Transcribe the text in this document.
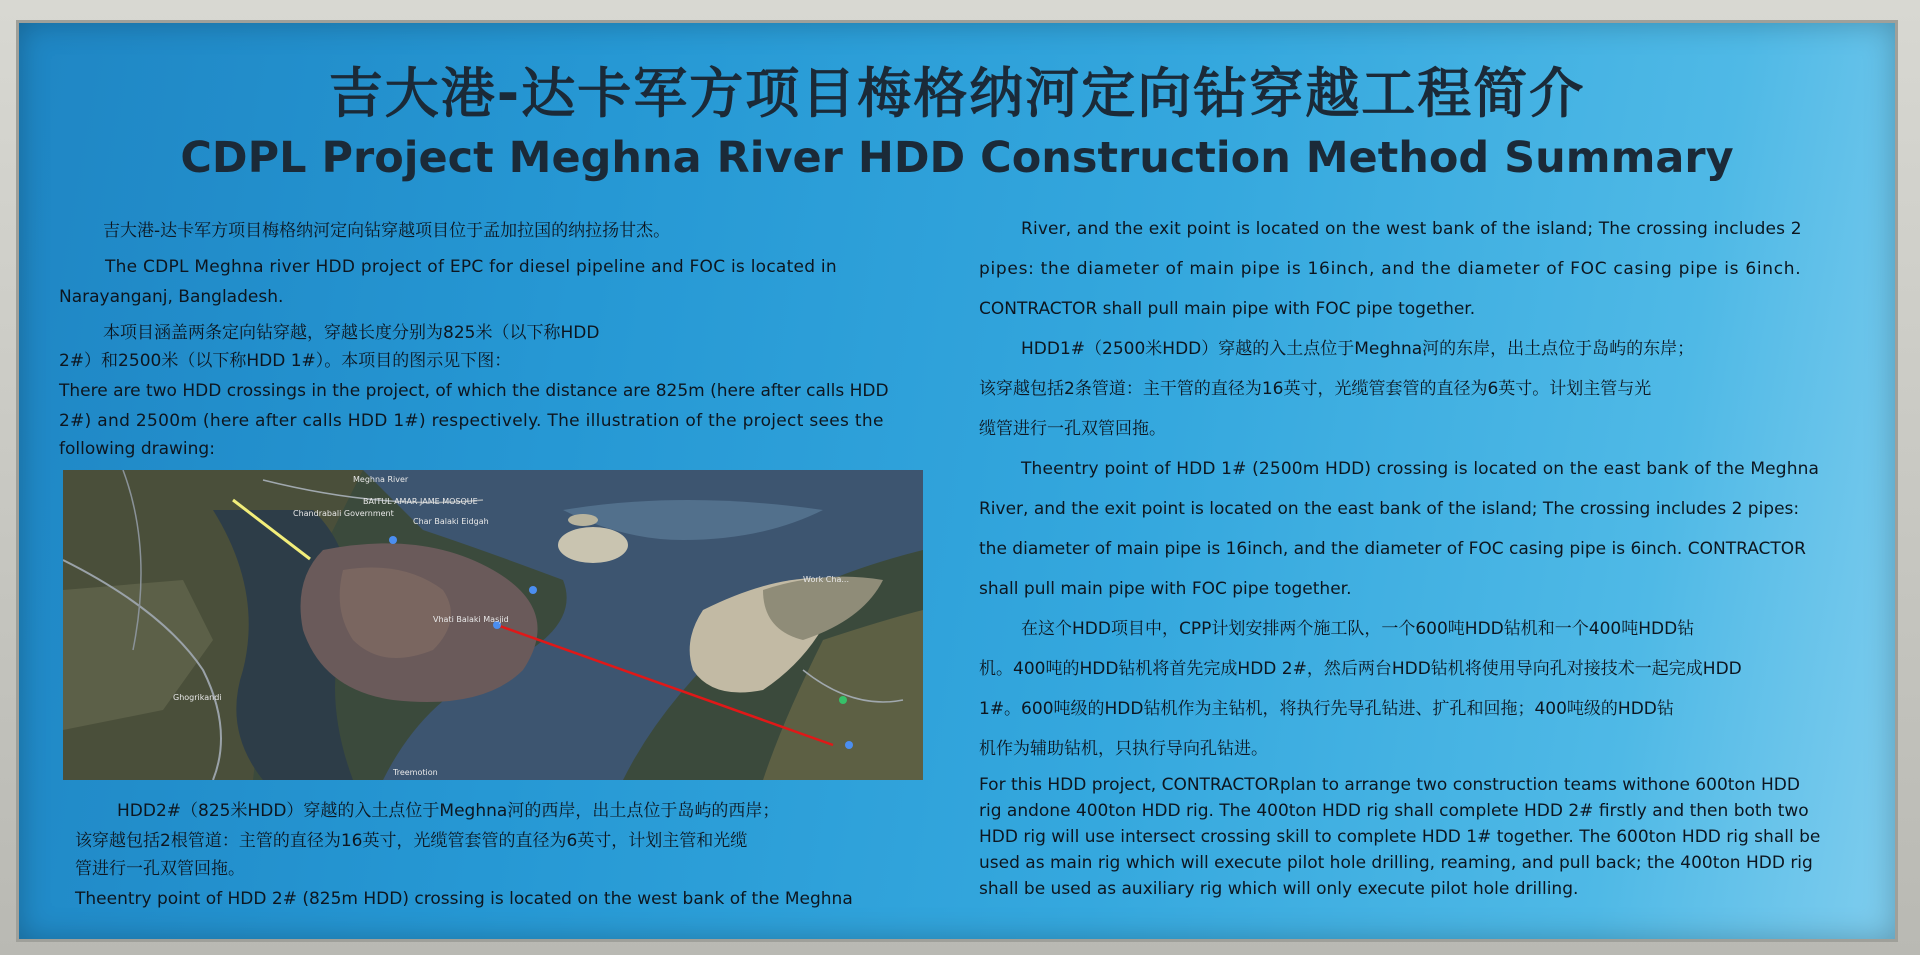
吉大港-达卡军方项目梅格纳河定向钻穿越工程简介
CDPL Project Meghna River HDD Construction Method Summary
吉大港-达卡军方项目梅格纳河定向钻穿越项目位于孟加拉国的纳拉扬甘杰。
The CDPL Meghna river HDD project of EPC for diesel pipeline and FOC is located in
Narayanganj, Bangladesh.
本项目涵盖两条定向钻穿越，穿越长度分别为825米（以下称HDD
2#）和2500米（以下称HDD 1#）。本项目的图示见下图：
There are two HDD crossings in the project, of which the distance are 825m (here after calls HDD
2#) and 2500m (here after calls HDD 1#) respectively. The illustration of the project sees the
following drawing:
Meghna River
Vhati Balaki Masjid
Chandrabali Government
BAITUL AMAR JAME MOSQUE
Char Balaki Eidgah
Work Cha...
Ghogrikandi
Treemotion
HDD2#（825米HDD）穿越的入土点位于Meghna河的西岸，出土点位于岛屿的西岸；
该穿越包括2根管道：主管的直径为16英寸，光缆管套管的直径为6英寸，计划主管和光缆
管进行一孔双管回拖。
Theentry point of HDD 2# (825m HDD) crossing is located on the west bank of the Meghna
River, and the exit point is located on the west bank of the island; The crossing includes 2
pipes: the diameter of main pipe is 16inch, and the diameter of FOC casing pipe is 6inch.
CONTRACTOR shall pull main pipe with FOC pipe together.
HDD1#（2500米HDD）穿越的入土点位于Meghna河的东岸，出土点位于岛屿的东岸；
该穿越包括2条管道：主干管的直径为16英寸，光缆管套管的直径为6英寸。计划主管与光
缆管进行一孔双管回拖。
Theentry point of HDD 1# (2500m HDD) crossing is located on the east bank of the Meghna
River, and the exit point is located on the east bank of the island; The crossing includes 2 pipes:
the diameter of main pipe is 16inch, and the diameter of FOC casing pipe is 6inch. CONTRACTOR
shall pull main pipe with FOC pipe together.
在这个HDD项目中，CPP计划安排两个施工队，一个600吨HDD钻机和一个400吨HDD钻
机。400吨的HDD钻机将首先完成HDD 2#，然后两台HDD钻机将使用导向孔对接技术一起完成HDD
1#。600吨级的HDD钻机作为主钻机，将执行先导孔钻进、扩孔和回拖；400吨级的HDD钻
机作为辅助钻机，只执行导向孔钻进。
For this HDD project, CONTRACTORplan to arrange two construction teams withone 600ton HDD
rig andone 400ton HDD rig. The 400ton HDD rig shall complete HDD 2# firstly and then both two
HDD rig will use intersect crossing skill to complete HDD 1# together. The 600ton HDD rig shall be
used as main rig which will execute pilot hole drilling, reaming, and pull back; the 400ton HDD rig
shall be used as auxiliary rig which will only execute pilot hole drilling.
